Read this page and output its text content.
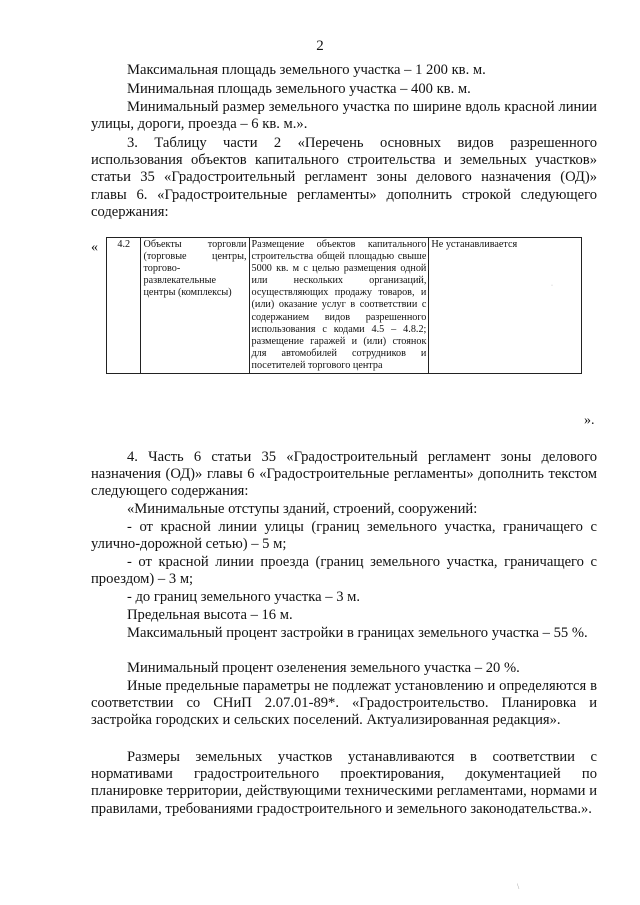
2

Максимальная площадь земельного участка – 1 200 кв. м.

Минимальная площадь земельного участка – 400 кв. м.

Минимальный размер земельного участка по ширине вдоль красной линии улицы, дороги, проезда – 6 кв. м.».

3. Таблицу части 2 «Перечень основных видов разрешенного использования объектов капитального строительства и земельных участков» статьи 35 «Градостроительный регламент зоны делового назначения (ОД)» главы 6. «Градостроительные регламенты» дополнить строкой следующего содержания:

« 4.2	Объекты торговли (торговые центры, торгово-развлекательные центры (комплексы)	Размещение объектов капитального строительства общей площадью свыше 5000 кв. м с целью размещения одной или нескольких организаций, осуществляющих продажу товаров, и (или) оказание услуг в соответствии с содержанием видов разрешенного использования с кодами 4.5 – 4.8.2; размещение гаражей и (или) стоянок для автомобилей сотрудников и посетителей торгового центра	Не устанавливается
».
·

4. Часть 6 статьи 35 «Градостроительный регламент зоны делового назначения (ОД)» главы 6 «Градостроительные регламенты» дополнить текстом следующего содержания:

«Минимальные отступы зданий, строений, сооружений:

- от красной линии улицы (границ земельного участка, граничащего с улично-дорожной сетью) – 5 м;

- от красной линии проезда (границ земельного участка, граничащего с проездом) – 3 м;

- до границ земельного участка – 3 м.

Предельная высота – 16 м.

Максимальный процент застройки в границах земельного участка – 55 %.

Минимальный процент озеленения земельного участка – 20 %.

Иные предельные параметры не подлежат установлению и определяются в соответствии со СНиП 2.07.01-89*. «Градостроительство. Планировка и застройка городских и сельских поселений. Актуализированная редакция».

Размеры земельных участков устанавливаются в соответствии с нормативами градостроительного проектирования, документацией по планировке территории, действующими техническими регламентами, нормами и правилами, требованиями градостроительного и земельного законодательства.».

\
